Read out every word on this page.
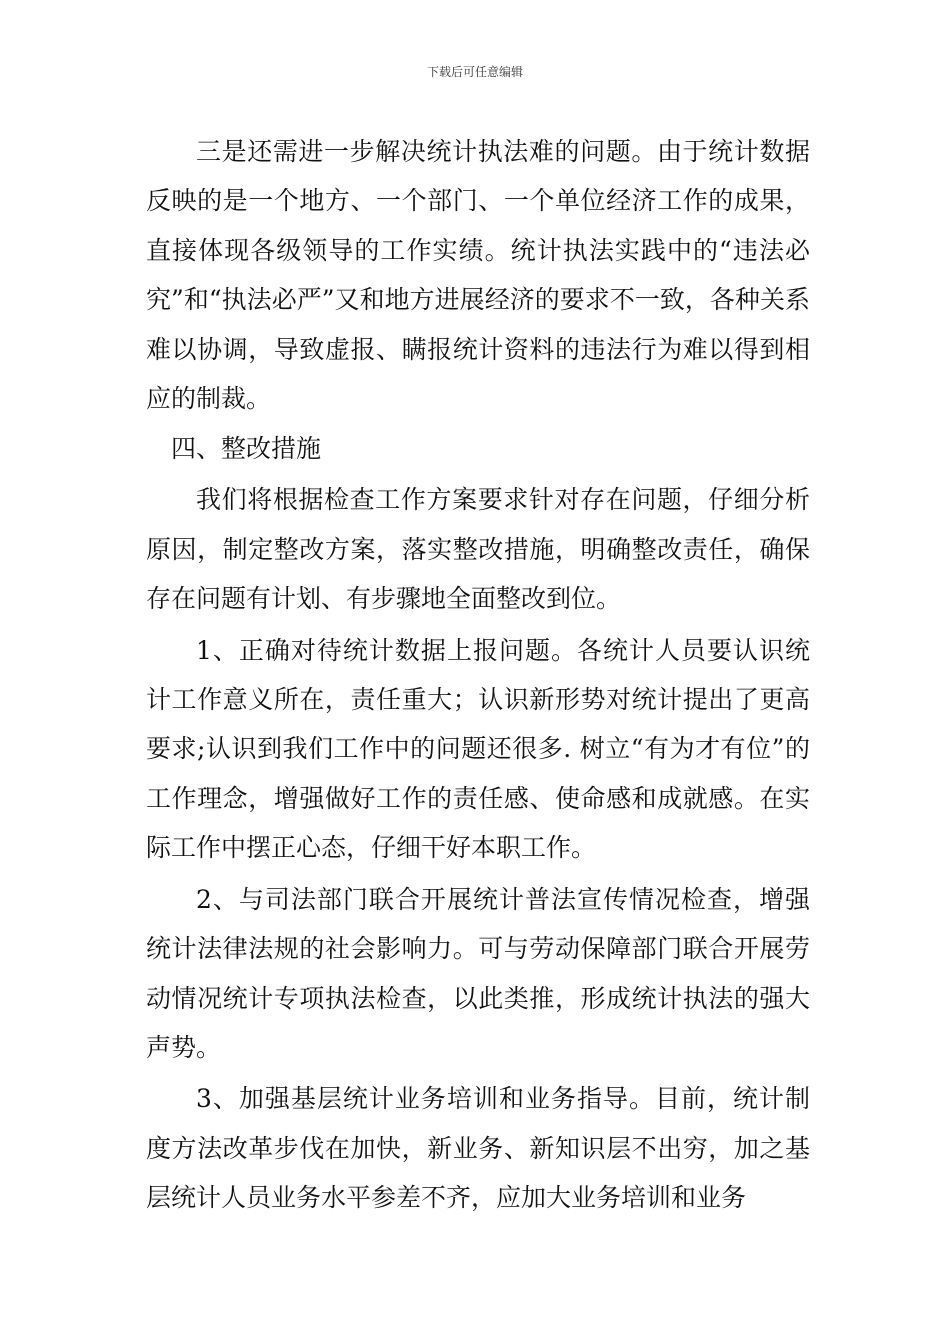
下载后可任意编辑

三是还需进一步解决统计执法难的问题。由于统计数据反映的是一个地方、一个部门、一个单位经济工作的成果，直接体现各级领导的工作实绩。统计执法实践中的“违法必究”和“执法必严”又和地方进展经济的要求不一致，各种关系难以协调，导致虚报、瞒报统计资料的违法行为难以得到相应的制裁。

四、整改措施

我们将根据检查工作方案要求针对存在问题，仔细分析原因，制定整改方案，落实整改措施，明确整改责任，确保存在问题有计划、有步骤地全面整改到位。

1、正确对待统计数据上报问题。各统计人员要认识统计工作意义所在，责任重大；认识新形势对统计提出了更高要求;认识到我们工作中的问题还很多. 树立“有为才有位”的工作理念，增强做好工作的责任感、使命感和成就感。在实际工作中摆正心态，仔细干好本职工作。

2、与司法部门联合开展统计普法宣传情况检查，增强统计法律法规的社会影响力。可与劳动保障部门联合开展劳动情况统计专项执法检查，以此类推，形成统计执法的强大声势。

3、加强基层统计业务培训和业务指导。目前，统计制度方法改革步伐在加快，新业务、新知识层不出穷，加之基层统计人员业务水平参差不齐，应加大业务培训和业务
